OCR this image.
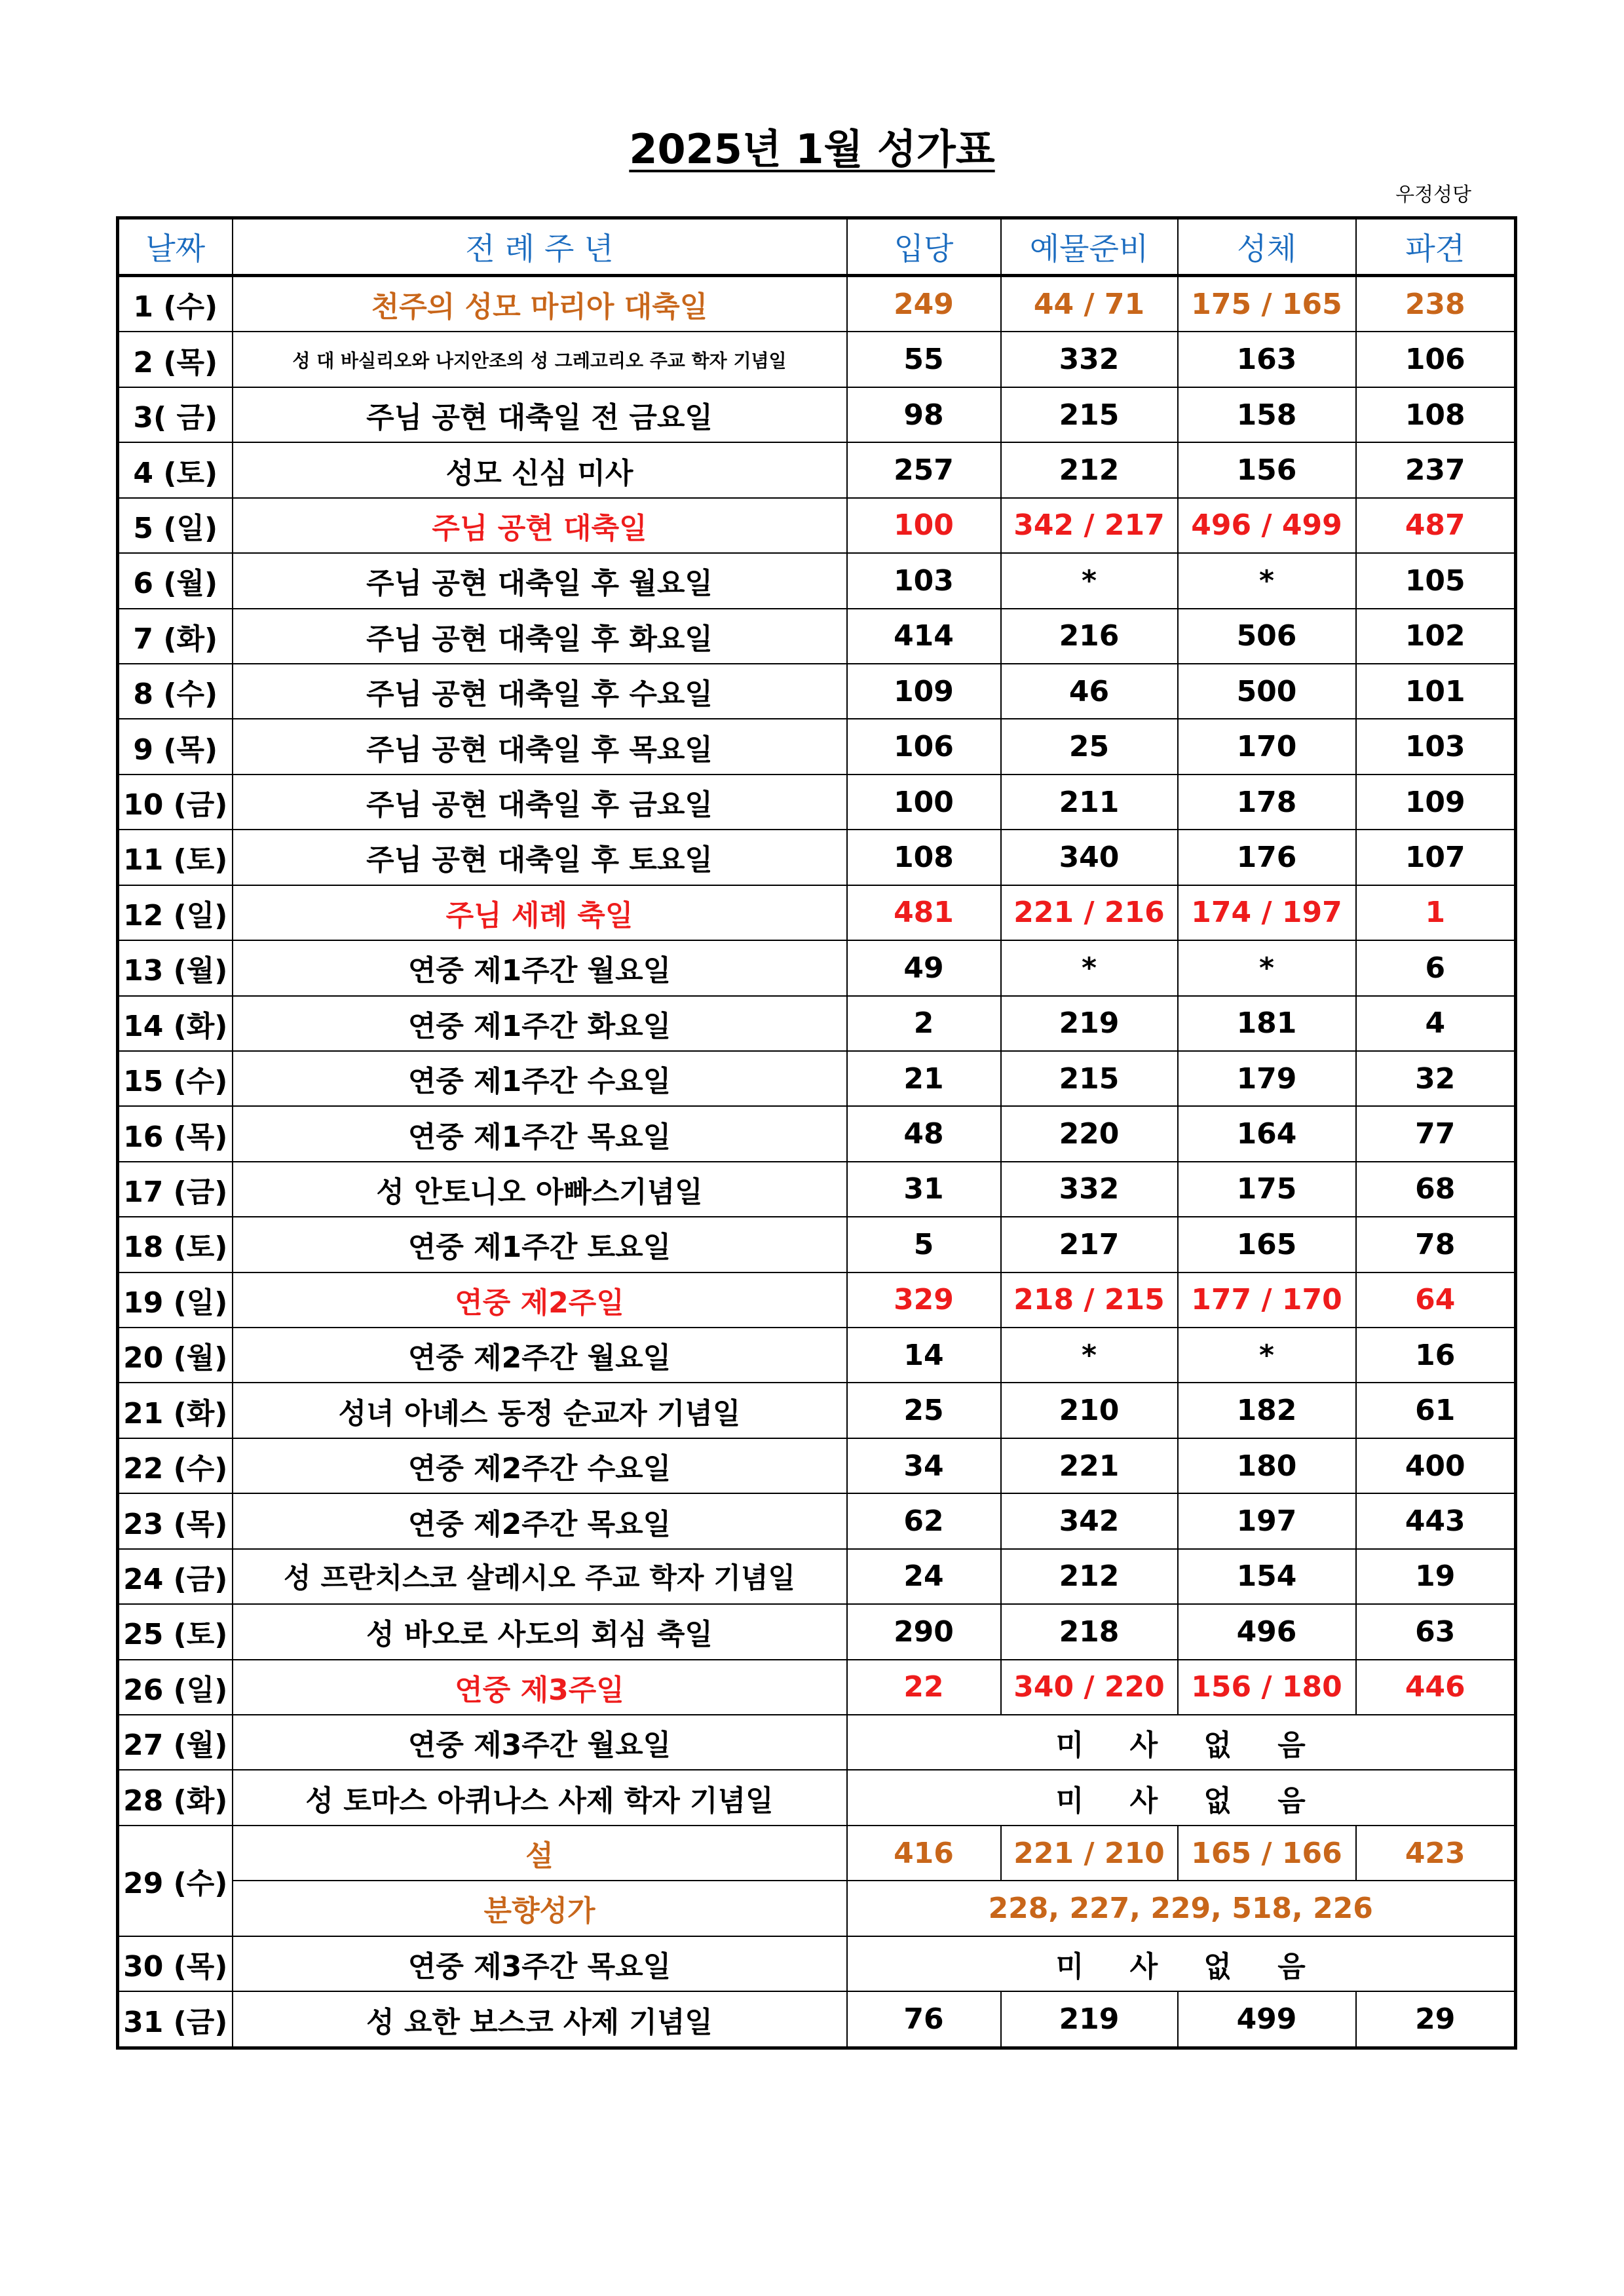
2025년 1월 성가표
우정성당
날짜	전 례 주 년	입당	예물준비	성체	파견
1 (수)	천주의 성모 마리아 대축일	249	44 / 71	175 / 165	238
2 (목)	성 대 바실리오와 나지안조의 성 그레고리오 주교 학자 기념일	55	332	163	106
3( 금)	주님 공현 대축일 전 금요일	98	215	158	108
4 (토)	성모 신심 미사	257	212	156	237
5 (일)	주님 공현 대축일	100	342 / 217	496 / 499	487
6 (월)	주님 공현 대축일 후 월요일	103	*	*	105
7 (화)	주님 공현 대축일 후 화요일	414	216	506	102
8 (수)	주님 공현 대축일 후 수요일	109	46	500	101
9 (목)	주님 공현 대축일 후 목요일	106	25	170	103
10 (금)	주님 공현 대축일 후 금요일	100	211	178	109
11 (토)	주님 공현 대축일 후 토요일	108	340	176	107
12 (일)	주님 세례 축일	481	221 / 216	174 / 197	1
13 (월)	연중 제1주간 월요일	49	*	*	6
14 (화)	연중 제1주간 화요일	2	219	181	4
15 (수)	연중 제1주간 수요일	21	215	179	32
16 (목)	연중 제1주간 목요일	48	220	164	77
17 (금)	성 안토니오 아빠스기념일	31	332	175	68
18 (토)	연중 제1주간 토요일	5	217	165	78
19 (일)	연중 제2주일	329	218 / 215	177 / 170	64
20 (월)	연중 제2주간 월요일	14	*	*	16
21 (화)	성녀 아녜스 동정 순교자 기념일	25	210	182	61
22 (수)	연중 제2주간 수요일	34	221	180	400
23 (목)	연중 제2주간 목요일	62	342	197	443
24 (금)	성 프란치스코 살레시오 주교 학자 기념일	24	212	154	19
25 (토)	성 바오로 사도의 회심 축일	290	218	496	63
26 (일)	연중 제3주일	22	340 / 220	156 / 180	446
27 (월)	연중 제3주간 월요일	미 사 없 음			
28 (화)	성 토마스 아퀴나스 사제 학자 기념일	미 사 없 음			
29 (수)	설	416	221 / 210	165 / 166	423
	분향성가	228, 227, 229, 518, 226			
30 (목)	연중 제3주간 목요일	미 사 없 음			
31 (금)	성 요한 보스코 사제 기념일	76	219	499	29
